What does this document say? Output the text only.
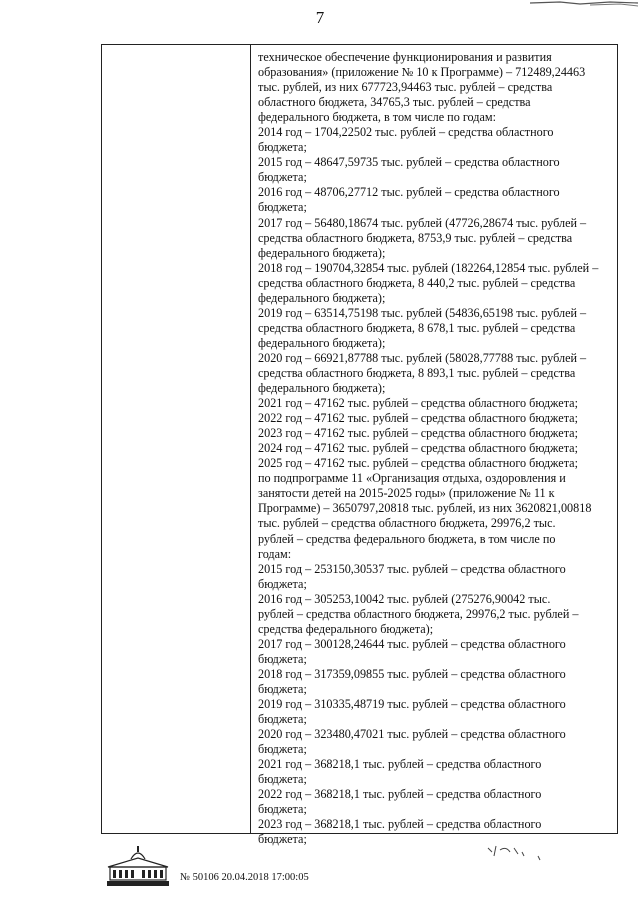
7
техническое обеспечение функционирования и развития
образования» (приложение № 10 к Программе) – 712489,24463
тыс. рублей, из них 677723,94463 тыс. рублей – средства
областного бюджета, 34765,3 тыс. рублей – средства
федерального бюджета, в том числе по годам:
2014 год – 1704,22502 тыс. рублей – средства областного
бюджета;
2015 год – 48647,59735 тыс. рублей – средства областного
бюджета;
2016 год – 48706,27712 тыс. рублей – средства областного
бюджета;
2017 год – 56480,18674 тыс. рублей (47726,28674 тыс. рублей –
средства областного бюджета, 8753,9 тыс. рублей – средства
федерального бюджета);
2018 год – 190704,32854 тыс. рублей (182264,12854 тыс. рублей –
средства областного бюджета, 8 440,2 тыс. рублей – средства
федерального бюджета);
2019 год – 63514,75198 тыс. рублей (54836,65198 тыс. рублей –
средства областного бюджета, 8 678,1 тыс. рублей – средства
федерального бюджета);
2020 год – 66921,87788 тыс. рублей (58028,77788 тыс. рублей –
средства областного бюджета, 8 893,1 тыс. рублей – средства
федерального бюджета);
2021 год – 47162 тыс. рублей – средства областного бюджета;
2022 год – 47162 тыс. рублей – средства областного бюджета;
2023 год – 47162 тыс. рублей – средства областного бюджета;
2024 год – 47162 тыс. рублей – средства областного бюджета;
2025 год – 47162 тыс. рублей – средства областного бюджета;
по подпрограмме 11 «Организация отдыха, оздоровления и
занятости детей на 2015-2025 годы» (приложение № 11 к
Программе) – 3650797,20818 тыс. рублей, из них 3620821,00818
тыс. рублей – средства областного бюджета, 29976,2 тыс.
рублей – средства федерального бюджета, в том числе по
годам:
2015 год – 253150,30537 тыс. рублей – средства областного
бюджета;
2016 год – 305253,10042 тыс. рублей (275276,90042 тыс.
рублей – средства областного бюджета, 29976,2 тыс. рублей –
средства федерального бюджета);
2017 год – 300128,24644 тыс. рублей – средства областного
бюджета;
2018 год – 317359,09855 тыс. рублей – средства областного
бюджета;
2019 год – 310335,48719 тыс. рублей – средства областного
бюджета;
2020 год – 323480,47021 тыс. рублей – средства областного
бюджета;
2021 год – 368218,1 тыс. рублей – средства областного
бюджета;
2022 год – 368218,1 тыс. рублей – средства областного
бюджета;
2023 год – 368218,1 тыс. рублей – средства областного
бюджета;
№ 50106 20.04.2018 17:00:05
